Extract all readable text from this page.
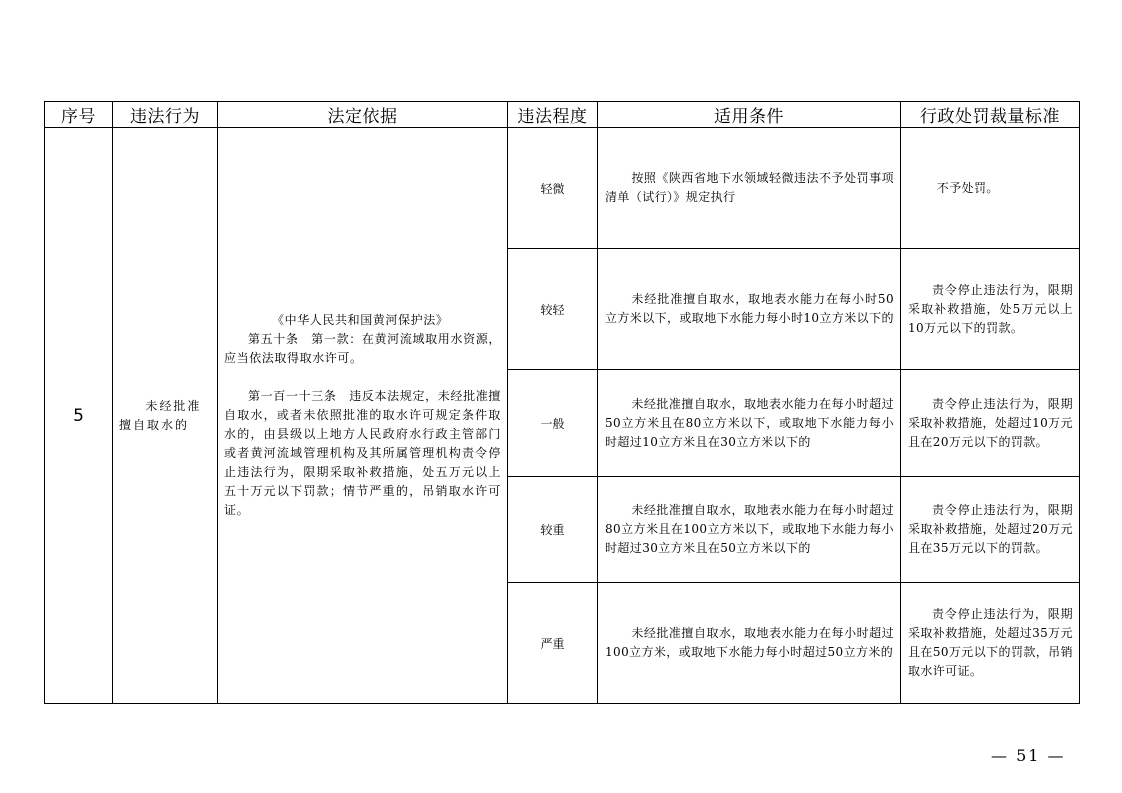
序号	违法行为	法定依据	违法程度	适用条件	行政处罚裁量标准
5	未经批准擅自取水的	《中华人民共和国黄河保护法》

第五十条　第一款：在黄河流域取用水资源，应当依法取得取水许可。

第一百一十三条　违反本法规定，未经批准擅自取水，或者未依照批准的取水许可规定条件取水的，由县级以上地方人民政府水行政主管部门或者黄河流域管理机构及其所属管理机构责令停止违法行为，限期采取补救措施，处五万元以上五十万元以下罚款；情节严重的，吊销取水许可证。	轻微	按照《陕西省地下水领域轻微违法不予处罚事项清单（试行）》规定执行	不予处罚。

			较轻	未经批准擅自取水，取地表水能力在每小时50立方米以下，或取地下水能力每小时10立方米以下的	责令停止违法行为，限期采取补救措施，处5万元以上10万元以下的罚款。

			一般	未经批准擅自取水，取地表水能力在每小时超过50立方米且在80立方米以下，或取地下水能力每小时超过10立方米且在30立方米以下的	责令停止违法行为，限期采取补救措施，处超过10万元且在20万元以下的罚款。

			较重	未经批准擅自取水，取地表水能力在每小时超过80立方米且在100立方米以下，或取地下水能力每小时超过30立方米且在50立方米以下的	责令停止违法行为，限期采取补救措施，处超过20万元且在35万元以下的罚款。

			严重	未经批准擅自取水，取地表水能力在每小时超过100立方米，或取地下水能力每小时超过50立方米的	责令停止违法行为，限期采取补救措施，处超过35万元且在50万元以下的罚款，吊销取水许可证。
— 51 —
